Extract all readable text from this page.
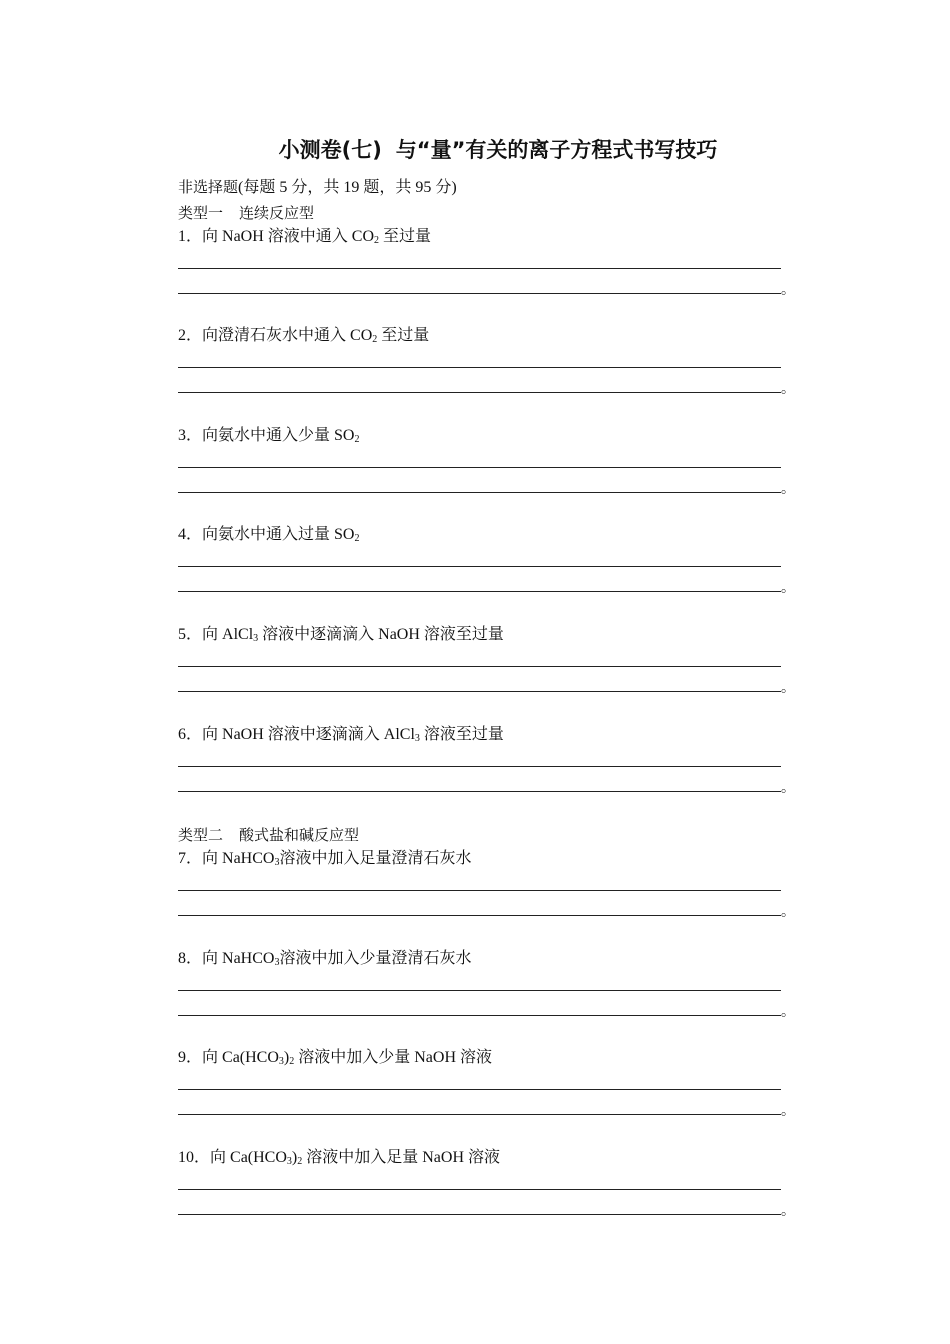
小测卷(七) 与“量”有关的离子方程式书写技巧
非选择题(每题 5 分，共 19 题，共 95 分)
类型一 连续反应型
类型二 酸式盐和碱反应型
1．向 NaOH 溶液中通入 $CO_2$ 至过量
。
2．向澄清石灰水中通入 $CO_2$ 至过量
。
3．向氨水中通入少量 $SO_2$
。
4．向氨水中通入过量 $SO_2$
。
5．向 AlCl$_3$ 溶液中逐滴滴入 NaOH 溶液至过量
。
6．向 NaOH 溶液中逐滴滴入 AlCl$_3$ 溶液至过量
。
7．向 NaHCO$_3$溶液中加入足量澄清石灰水
。
8．向 NaHCO$_3$溶液中加入少量澄清石灰水
。
9．向 $Ca(HCO_3)_2$ 溶液中加入少量 NaOH 溶液
。
10．向 $Ca(HCO_3)_2$ 溶液中加入足量 NaOH 溶液
。
